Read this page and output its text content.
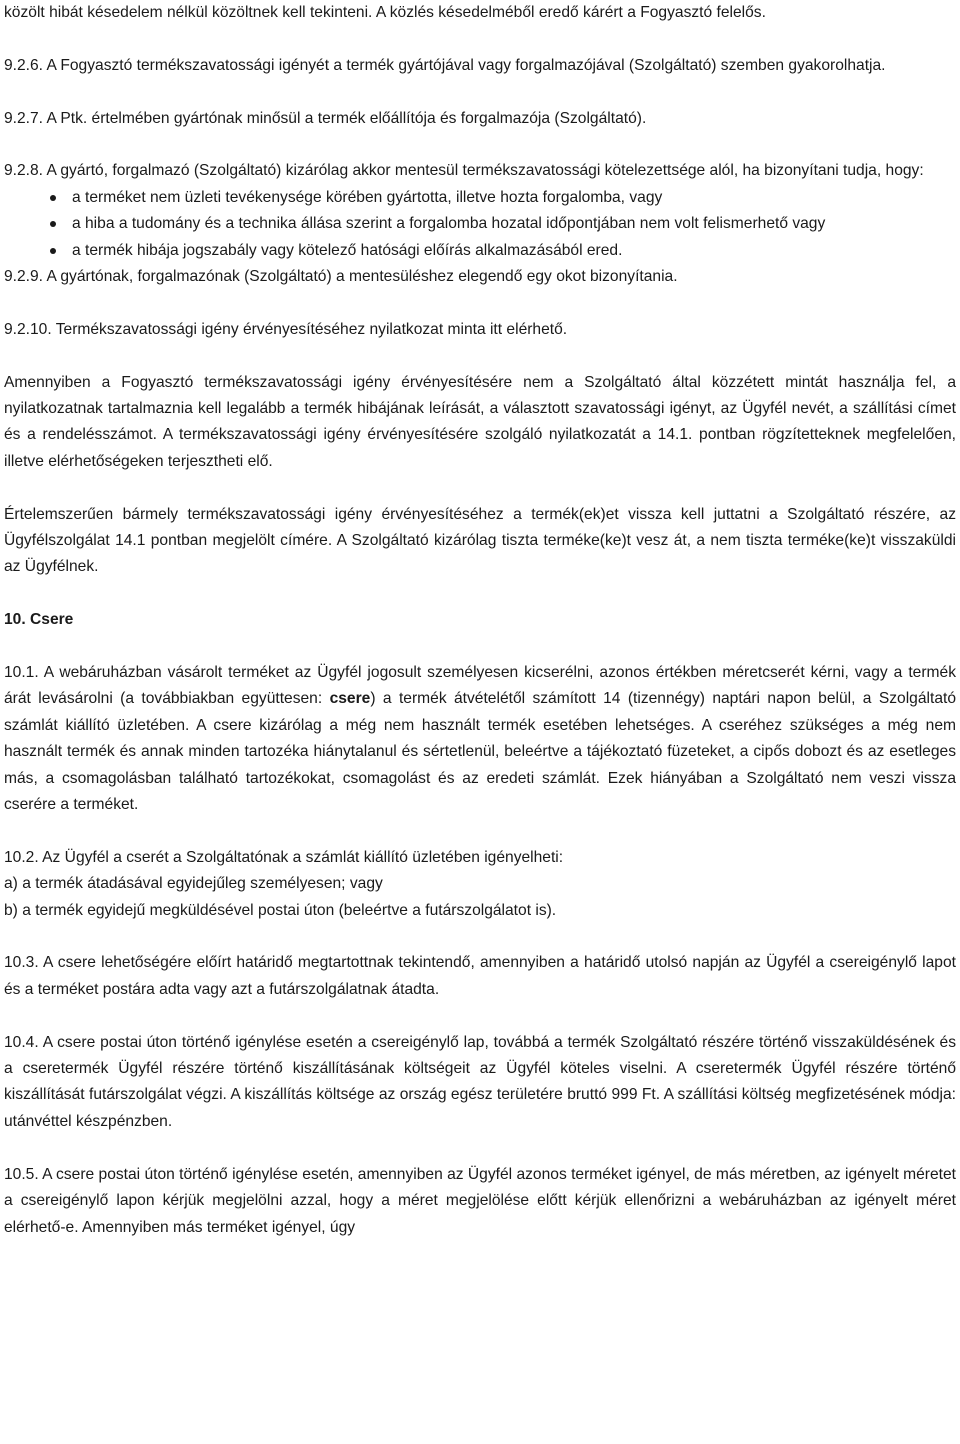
közölt hibát késedelem nélkül közöltnek kell tekinteni. A közlés késedelméből eredő kárért a Fogyasztó felelős.

9.2.6. A Fogyasztó termékszavatossági igényét a termék gyártójával vagy forgalmazójával (Szolgáltató) szemben gyakorolhatja.

9.2.7. A Ptk. értelmében gyártónak minősül a termék előállítója és forgalmazója (Szolgáltató).

9.2.8. A gyártó, forgalmazó (Szolgáltató) kizárólag akkor mentesül termékszavatossági kötelezettsége alól, ha bizonyítani tudja, hogy:

a terméket nem üzleti tevékenysége körében gyártotta, illetve hozta forgalomba, vagy
a hiba a tudomány és a technika állása szerint a forgalomba hozatal időpontjában nem volt felismerhető vagy
a termék hibája jogszabály vagy kötelező hatósági előírás alkalmazásából ered.

9.2.9. A gyártónak, forgalmazónak (Szolgáltató) a mentesüléshez elegendő egy okot bizonyítania.

9.2.10. Termékszavatossági igény érvényesítéséhez nyilatkozat minta itt elérhető.

Amennyiben a Fogyasztó termékszavatossági igény érvényesítésére nem a Szolgáltató által közzétett mintát használja fel, a nyilatkozatnak tartalmaznia kell legalább a termék hibájának leírását, a választott szavatossági igényt, az Ügyfél nevét, a szállítási címet és a rendelésszámot. A termékszavatossági igény érvényesítésére szolgáló nyilatkozatát a 14.1. pontban rögzítetteknek megfelelően, illetve elérhetőségeken terjesztheti elő.

Értelemszerűen bármely termékszavatossági igény érvényesítéséhez a termék(ek)et vissza kell juttatni a Szolgáltató részére, az Ügyfélszolgálat 14.1 pontban megjelölt címére. A Szolgáltató kizárólag tiszta terméke(ke)t vesz át, a nem tiszta terméke(ke)t visszaküldi az Ügyfélnek.

10. Csere

10.1. A webáruházban vásárolt terméket az Ügyfél jogosult személyesen kicserélni, azonos értékben méretcserét kérni, vagy a termék árát levásárolni (a továbbiakban együttesen: csere) a termék átvételétől számított 14 (tizennégy) naptári napon belül, a Szolgáltató számlát kiállító üzletében. A csere kizárólag a még nem használt termék esetében lehetséges. A cseréhez szükséges a még nem használt termék és annak minden tartozéka hiánytalanul és sértetlenül, beleértve a tájékoztató füzeteket, a cipős dobozt és az esetleges más, a csomagolásban található tartozékokat, csomagolást és az eredeti számlát. Ezek hiányában a Szolgáltató nem veszi vissza cserére a terméket.

10.2. Az Ügyfél a cserét a Szolgáltatónak a számlát kiállító üzletében igényelheti:
a) a termék átadásával egyidejűleg személyesen; vagy
b) a termék egyidejű megküldésével postai úton (beleértve a futárszolgálatot is).

10.3. A csere lehetőségére előírt határidő megtartottnak tekintendő, amennyiben a határidő utolsó napján az Ügyfél a csereigénylő lapot és a terméket postára adta vagy azt a futárszolgálatnak átadta.

10.4. A csere postai úton történő igénylése esetén a csereigénylő lap, továbbá a termék Szolgáltató részére történő visszaküldésének és a cseretermék Ügyfél részére történő kiszállításának költségeit az Ügyfél köteles viselni. A cseretermék Ügyfél részére történő kiszállítását futárszolgálat végzi. A kiszállítás költsége az ország egész területére bruttó 999 Ft. A szállítási költség megfizetésének módja: utánvéttel készpénzben.

10.5. A csere postai úton történő igénylése esetén, amennyiben az Ügyfél azonos terméket igényel, de más méretben, az igényelt méretet a csereigénylő lapon kérjük megjelölni azzal, hogy a méret megjelölése előtt kérjük ellenőrizni a webáruházban az igényelt méret elérhető-e. Amennyiben más terméket igényel, úgy
